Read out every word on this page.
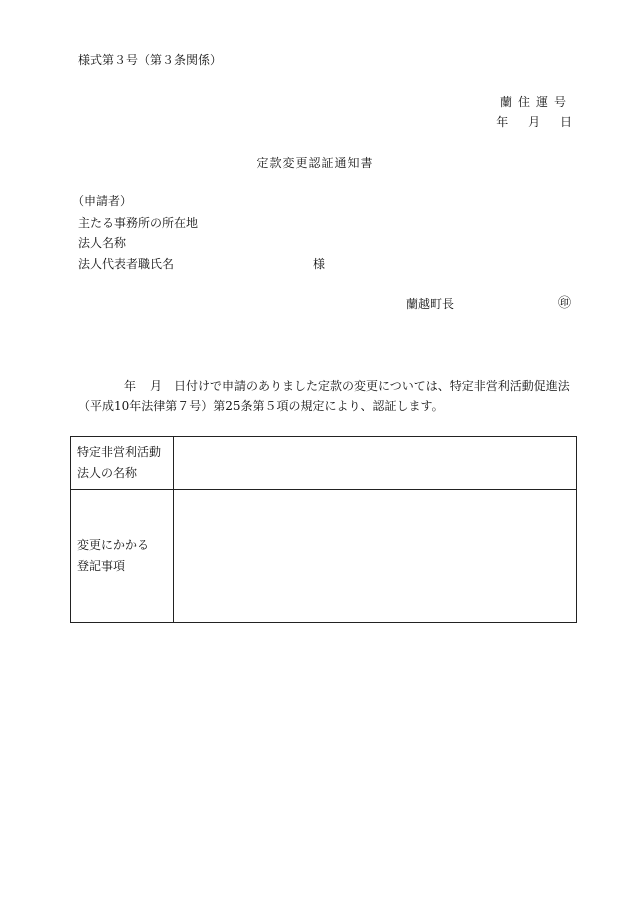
様式第３号（第３条関係）
蘭住運号
年 月 日
定款変更認証通知書
（申請者）
主たる事務所の所在地
法人名称
法人代表者職氏名	様
蘭越町長	㊞
年 月 日付けで申請のありました定款の変更については、特定非営利活動促進法
（平成10年法律第７号）第25条第５項の規定により、認証します。
特定非営利活動
法人の名称	

変更にかかる
登記事項	
